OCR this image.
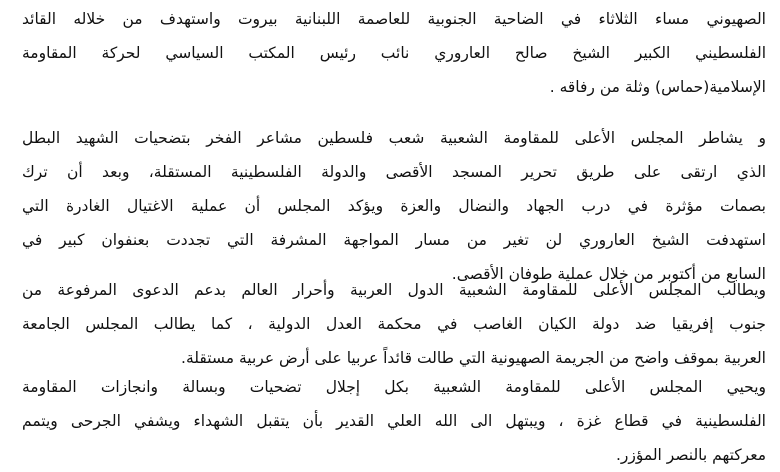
الصهيوني مساء الثلاثاء في الضاحية الجنوبية للعاصمة اللبنانية بيروت واستهدف من خلاله القائد
الفلسطيني الكبير الشيخ صالح العاروري نائب رئيس المكتب السياسي لحركة المقاومة
الإسلامية(حماس) وثلة من رفاقه .
و يشاطر المجلس الأعلى للمقاومة الشعبية شعب فلسطين مشاعر الفخر بتضحيات الشهيد البطل
الذي ارتقى على طريق تحرير المسجد الأقصى والدولة الفلسطينية المستقلة، وبعد أن ترك
بصمات مؤثرة في درب الجهاد والنضال والعزة ويؤكد المجلس أن عملية الاغتيال الغادرة التي
استهدفت الشيخ العاروري لن تغير من مسار المواجهة المشرفة التي تجددت بعنفوان كبير في
السابع من أكتوبر من خلال عملية طوفان الأقصى.
ويطالب المجلس الأعلى للمقاومة الشعبية الدول العربية وأحرار العالم بدعم الدعوى المرفوعة من
جنوب إفريقيا ضد دولة الكيان الغاصب في محكمة العدل الدولية ، كما يطالب المجلس الجامعة
العربية بموقف واضح من الجريمة الصهيونية التي طالت قائداً عربيا على أرض عربية مستقلة.
ويحيي المجلس الأعلى للمقاومة الشعبية بكل إجلال تضحيات وبسالة وانجازات المقاومة
الفلسطينية في قطاع غزة ، ويبتهل الى الله العلي القدير بأن يتقبل الشهداء ويشفي الجرحى ويتمم
معركتهم بالنصر المؤزر.
